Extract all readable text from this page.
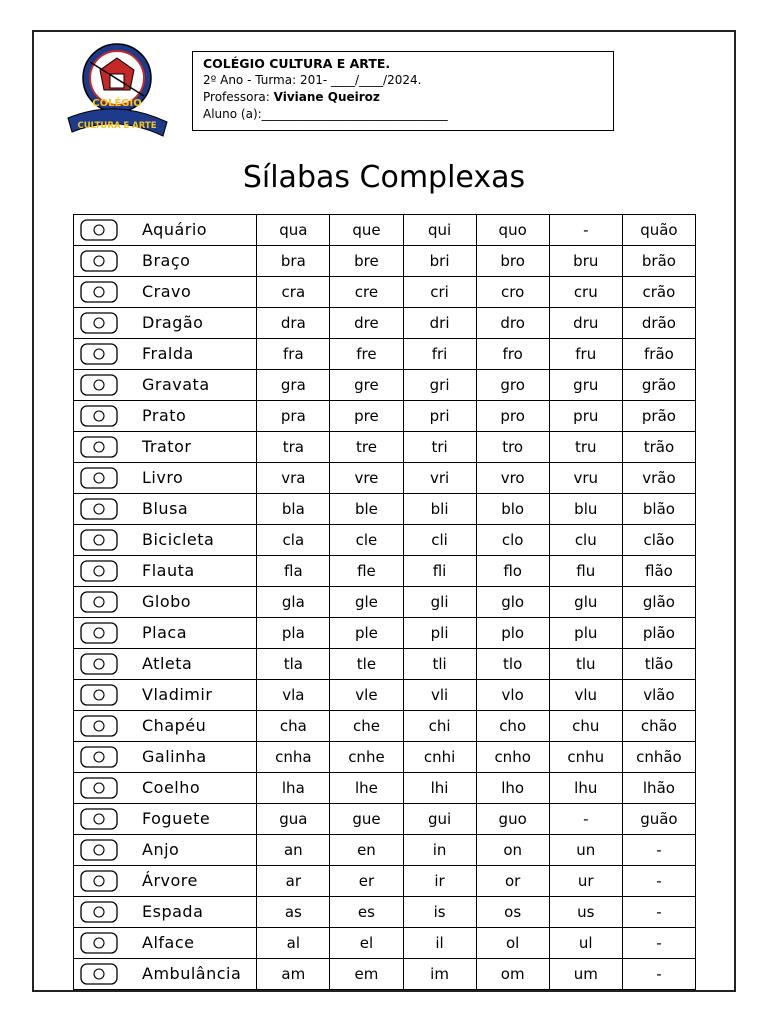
COLÉGIO
CULTURA E ARTE
COLÉGIO CULTURA E ARTE.
2º Ano - Turma: 201- ____/____/2024.
Professora: Viviane Queiroz
Aluno (a):_______________________________
Sílabas Complexas
Aquário	qua	que	qui	quo	-	quão

Braço	bra	bre	bri	bro	bru	brão

Cravo	cra	cre	cri	cro	cru	crão

Dragão	dra	dre	dri	dro	dru	drão

Fralda	fra	fre	fri	fro	fru	frão

Gravata	gra	gre	gri	gro	gru	grão

Prato	pra	pre	pri	pro	pru	prão

Trator	tra	tre	tri	tro	tru	trão

Livro	vra	vre	vri	vro	vru	vrão

Blusa	bla	ble	bli	blo	blu	blão

Bicicleta	cla	cle	cli	clo	clu	clão

Flauta	fla	fle	fli	flo	flu	flão

Globo	gla	gle	gli	glo	glu	glão

Placa	pla	ple	pli	plo	plu	plão

Atleta	tla	tle	tli	tlo	tlu	tlão

Vladimir	vla	vle	vli	vlo	vlu	vlão

Chapéu	cha	che	chi	cho	chu	chão

Galinha	cnha	cnhe	cnhi	cnho	cnhu	cnhão

Coelho	lha	lhe	lhi	lho	lhu	lhão

Foguete	gua	gue	gui	guo	-	guão

Anjo	an	en	in	on	un	-

Árvore	ar	er	ir	or	ur	-

Espada	as	es	is	os	us	-

Alface	al	el	il	ol	ul	-

Ambulância	am	em	im	om	um	-
